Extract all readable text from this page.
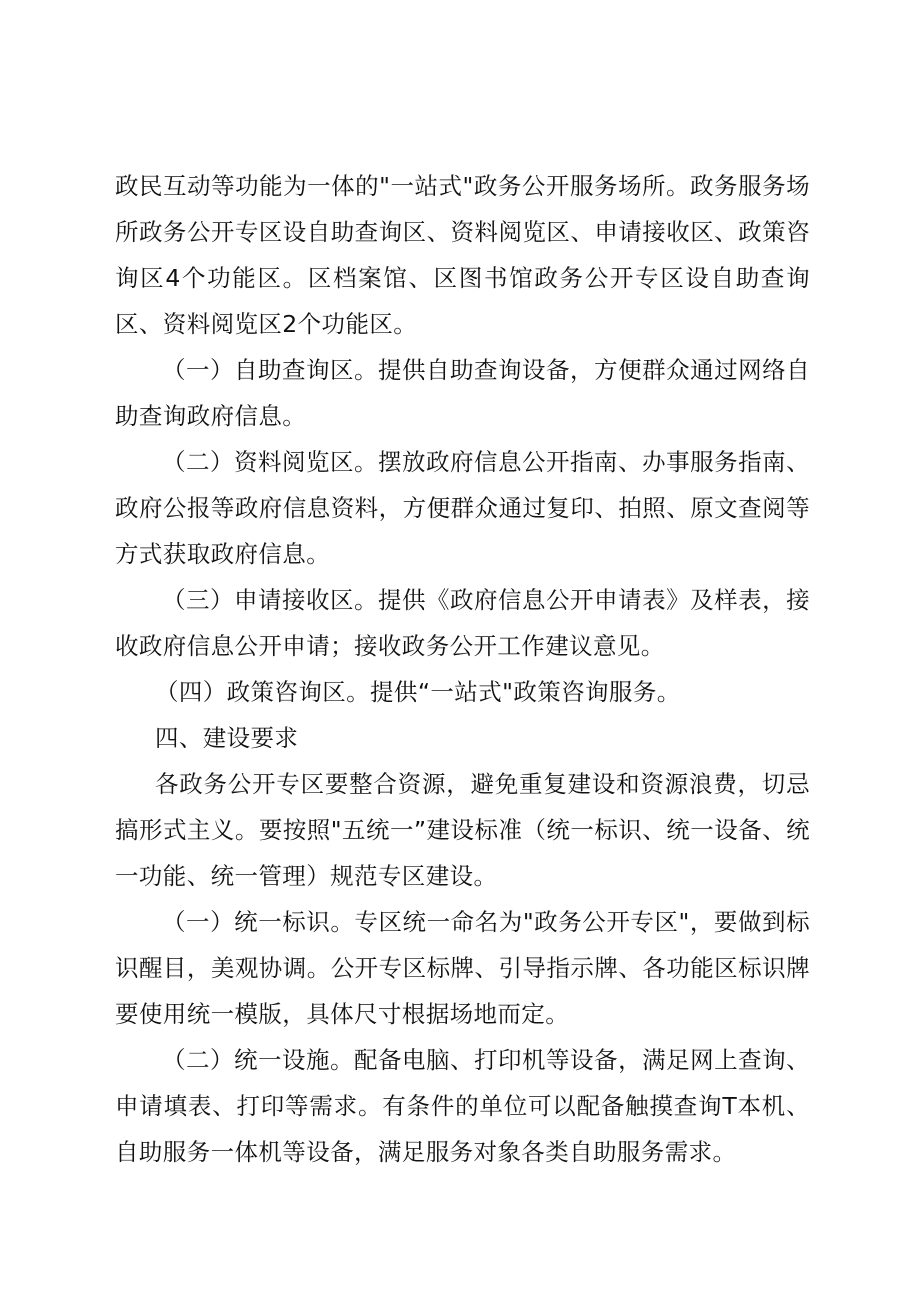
政民互动等功能为一体的"一站式"政务公开服务场所。政务服务场所政务公开专区设自助查询区、资料阅览区、申请接收区、政策咨询区4个功能区。区档案馆、区图书馆政务公开专区设自助查询区、资料阅览区2个功能区。

（一）自助查询区。提供自助查询设备，方便群众通过网络自助查询政府信息。

（二）资料阅览区。摆放政府信息公开指南、办事服务指南、政府公报等政府信息资料，方便群众通过复印、拍照、原文查阅等方式获取政府信息。

（三）申请接收区。提供《政府信息公开申请表》及样表，接收政府信息公开申请；接收政务公开工作建议意见。

（四）政策咨询区。提供“一站式"政策咨询服务。

四、建设要求

各政务公开专区要整合资源，避免重复建设和资源浪费，切忌搞形式主义。要按照"五统一”建设标准（统一标识、统一设备、统一功能、统一管理）规范专区建设。

（一）统一标识。专区统一命名为"政务公开专区"，要做到标识醒目，美观协调。公开专区标牌、引导指示牌、各功能区标识牌要使用统一模版，具体尺寸根据场地而定。

（二）统一设施。配备电脑、打印机等设备，满足网上查询、申请填表、打印等需求。有条件的单位可以配备触摸查询T本机、自助服务一体机等设备，满足服务对象各类自助服务需求。
